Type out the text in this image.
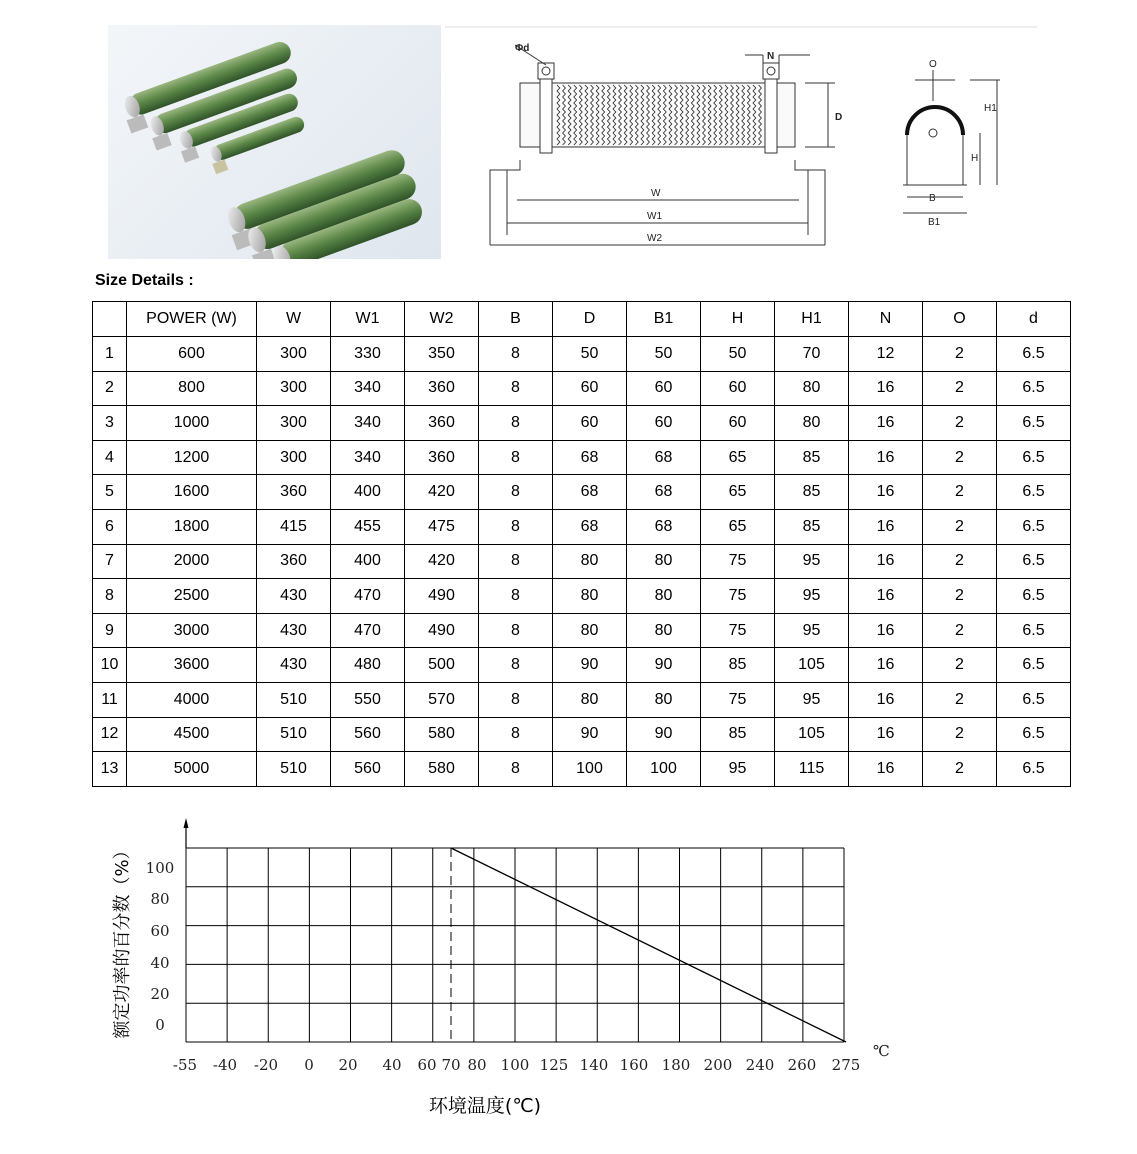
Φd
N
D
W
W1
W2
O
H1
H
B
B1
Size Details :
	POWER (W)	W	W1	W2	B	D	B1	H	H1	N	O	d
1	600	300	330	350	8	50	50	50	70	12	2	6.5
2	800	300	340	360	8	60	60	60	80	16	2	6.5
3	1000	300	340	360	8	60	60	60	80	16	2	6.5
4	1200	300	340	360	8	68	68	65	85	16	2	6.5
5	1600	360	400	420	8	68	68	65	85	16	2	6.5
6	1800	415	455	475	8	68	68	65	85	16	2	6.5
7	2000	360	400	420	8	80	80	75	95	16	2	6.5
8	2500	430	470	490	8	80	80	75	95	16	2	6.5
9	3000	430	470	490	8	80	80	75	95	16	2	6.5
10	3600	430	480	500	8	90	90	85	105	16	2	6.5
11	4000	510	550	570	8	80	80	75	95	16	2	6.5
12	4500	510	560	580	8	90	90	85	105	16	2	6.5
13	5000	510	560	580	8	100	100	95	115	16	2	6.5
-55 -40 -20 0 20 40 60 70 80 100 125 140 160 180 200 240 260 275
100
80
60
40
20
0
℃
环境温度(℃)
额定功率的百分数（%）
